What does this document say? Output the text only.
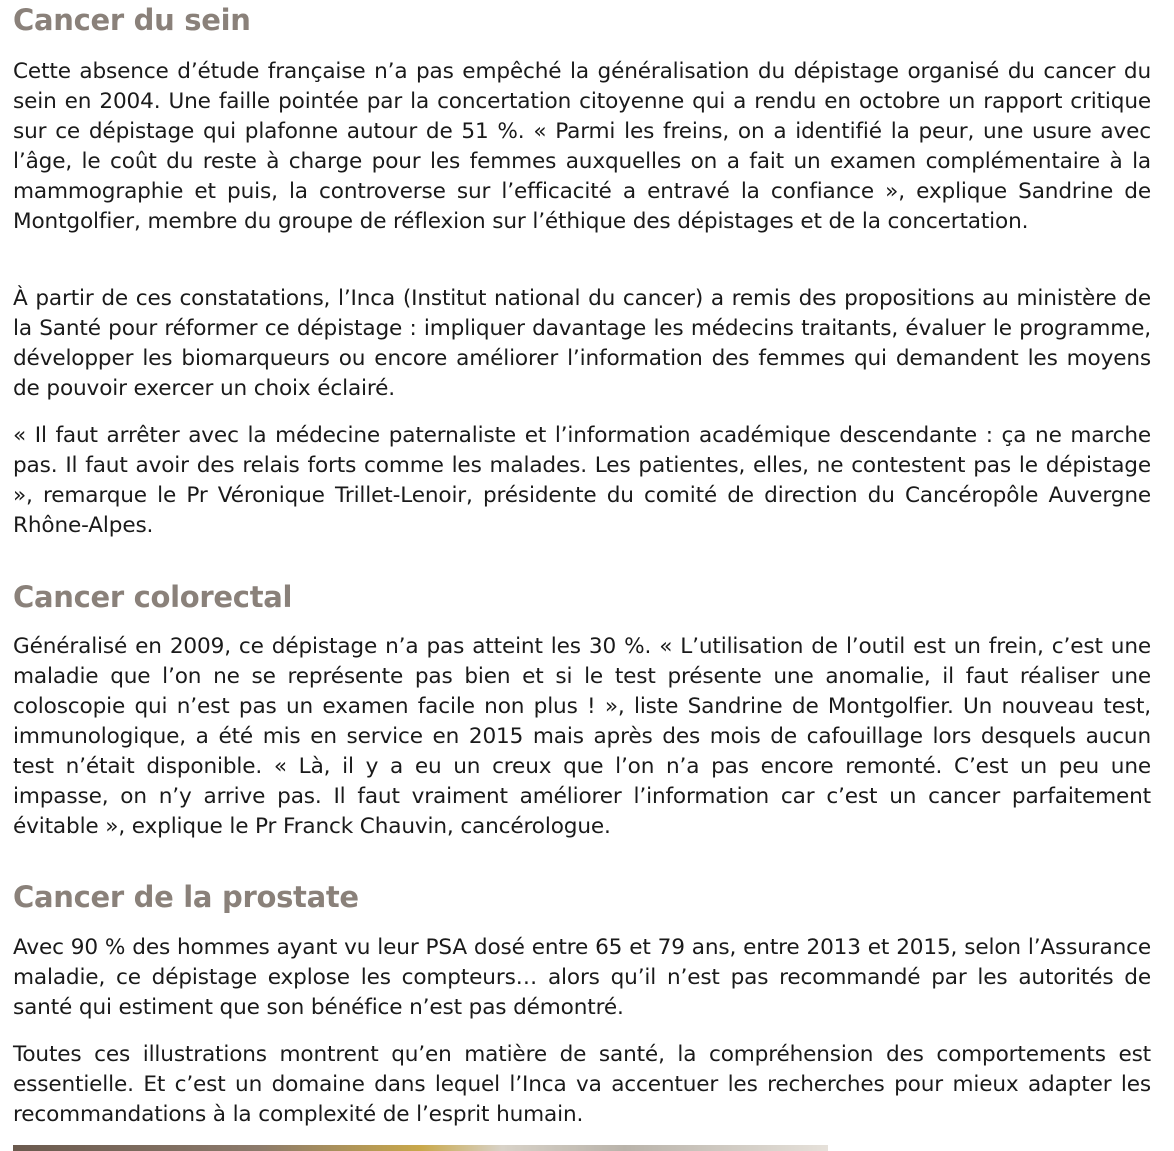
Cancer du sein

Cette absence d’étude française n’a pas empêché la généralisation du dépistage organisé du cancer du sein en 2004. Une faille pointée par la concertation citoyenne qui a rendu en octobre un rapport critique sur ce dépistage qui plafonne autour de 51 %. « Parmi les freins, on a identifié la peur, une usure avec l’âge, le coût du reste à charge pour les femmes auxquelles on a fait un examen complémentaire à la mammographie et puis, la controverse sur l’efficacité a entravé la confiance », explique Sandrine de Montgolfier, membre du groupe de réflexion sur l’éthique des dépistages et de la concertation.

À partir de ces constatations, l’Inca (Institut national du cancer) a remis des propositions au ministère de la Santé pour réformer ce dépistage : impliquer davantage les médecins traitants, évaluer le programme, développer les biomarqueurs ou encore améliorer l’information des femmes qui demandent les moyens de pouvoir exercer un choix éclairé.

« Il faut arrêter avec la médecine paternaliste et l’information académique descendante : ça ne marche pas. Il faut avoir des relais forts comme les malades. Les patientes, elles, ne contestent pas le dépistage », remarque le Pr Véronique Trillet-Lenoir, présidente du comité de direction du Cancéropôle Auvergne Rhône-Alpes.

Cancer colorectal

Généralisé en 2009, ce dépistage n’a pas atteint les 30 %. « L’utilisation de l’outil est un frein, c’est une maladie que l’on ne se représente pas bien et si le test présente une anomalie, il faut réaliser une coloscopie qui n’est pas un examen facile non plus ! », liste Sandrine de Montgolfier. Un nouveau test, immunologique, a été mis en service en 2015 mais après des mois de cafouillage lors desquels aucun test n’était disponible. « Là, il y a eu un creux que l’on n’a pas encore remonté. C’est un peu une impasse, on n’y arrive pas. Il faut vraiment améliorer l’information car c’est un cancer parfaitement évitable », explique le Pr Franck Chauvin, cancérologue.

Cancer de la prostate

Avec 90 % des hommes ayant vu leur PSA dosé entre 65 et 79 ans, entre 2013 et 2015, selon l’Assurance maladie, ce dépistage explose les compteurs… alors qu’il n’est pas recommandé par les autorités de santé qui estiment que son bénéfice n’est pas démontré.

Toutes ces illustrations montrent qu’en matière de santé, la compréhension des comportements est essentielle. Et c’est un domaine dans lequel l’Inca va accentuer les recherches pour mieux adapter les recommandations à la complexité de l’esprit humain.
